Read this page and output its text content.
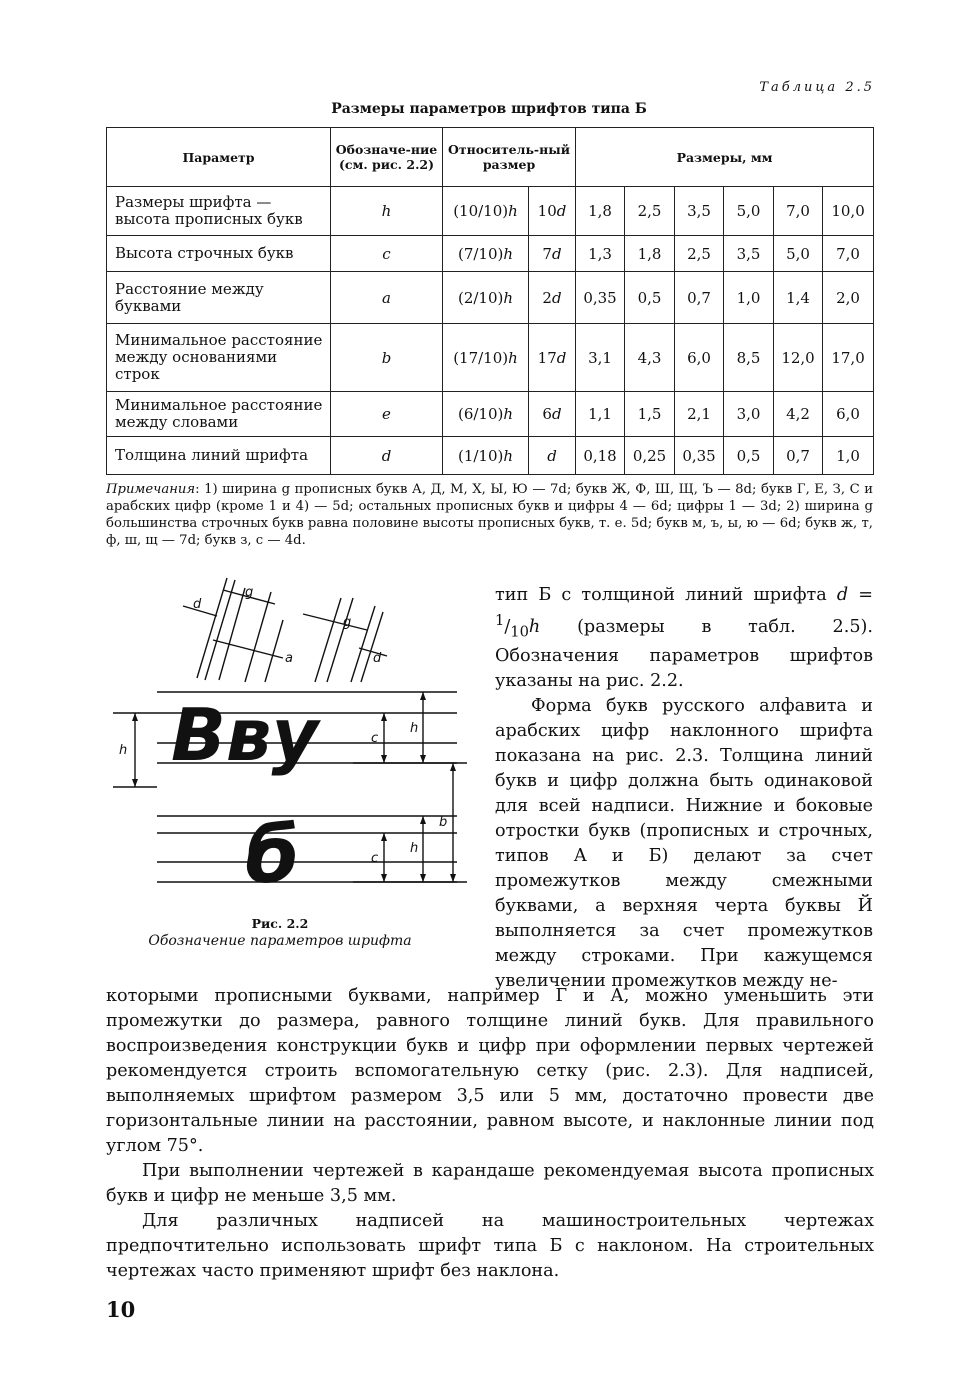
Таблица 2.5
Размеры параметров шрифтов типа Б
Параметр	Обозначе-ние (см. рис. 2.2)	Относитель-ный размер		Размеры, мм					
Размеры шрифта — высота прописных букв	h	(10/10)h	10d	1,8	2,5	3,5	5,0	7,0	10,0
Высота строчных букв	c	(7/10)h	7d	1,3	1,8	2,5	3,5	5,0	7,0
Расстояние между буквами	a	(2/10)h	2d	0,35	0,5	0,7	1,0	1,4	2,0
Минимальное расстояние между основаниями строк	b	(17/10)h	17d	3,1	4,3	6,0	8,5	12,0	17,0
Минимальное расстояние между словами	e	(6/10)h	6d	1,1	1,5	2,1	3,0	4,2	6,0
Толщина линий шрифта	d	(1/10)h	d	0,18	0,25	0,35	0,5	0,7	1,0
Примечания: 1) ширина g прописных букв А, Д, М, Х, Ы, Ю — 7d; букв Ж, Ф, Ш, Щ, Ъ — 8d; букв Г, Е, З, С и арабских цифр (кроме 1 и 4) — 5d; остальных прописных букв и цифры 4 — 6d; цифры 1 — 3d; 2) ширина g большинства строчных букв равна половине высоты прописных букв, т. е. 5d; букв м, ъ, ы, ю — 6d; букв ж, т, ф, ш, щ — 7d; букв з, с — 4d.
Bву
б
d
g
a
g
d
h
c
h
b
c
h
Рис. 2.2
Обозначение параметров шрифта

тип Б с толщиной линий шрифта $d = ^1/_{10}h$ (размеры в табл. 2.5). Обозначения параметров шрифтов указаны на рис. 2.2.

Форма букв русского алфавита и арабских цифр наклонного шрифта показана на рис. 2.3. Толщина линий букв и цифр должна быть одинаковой для всей надписи. Нижние и боковые отростки букв (прописных и строчных, типов А и Б) делают за счет промежутков между смежными буквами, а верхняя черта буквы Й выполняется за счет промежутков между строками. При кажущемся увеличении промежутков между не-

которыми прописными буквами, например Г и А, можно уменьшить эти промежутки до размера, равного толщине линий букв. Для правильного воспроизведения конструкции букв и цифр при оформлении первых чертежей рекомендуется строить вспомогательную сетку (рис. 2.3). Для надписей, выполняемых шрифтом размером 3,5 или 5 мм, достаточно провести две горизонтальные линии на расстоянии, равном высоте, и наклонные линии под углом 75°.

При выполнении чертежей в карандаше рекомендуемая высота прописных букв и цифр не меньше 3,5 мм.

Для различных надписей на машиностроительных чертежах предпочтительно использовать шрифт типа Б с наклоном. На строительных чертежах часто применяют шрифт без наклона.

10
